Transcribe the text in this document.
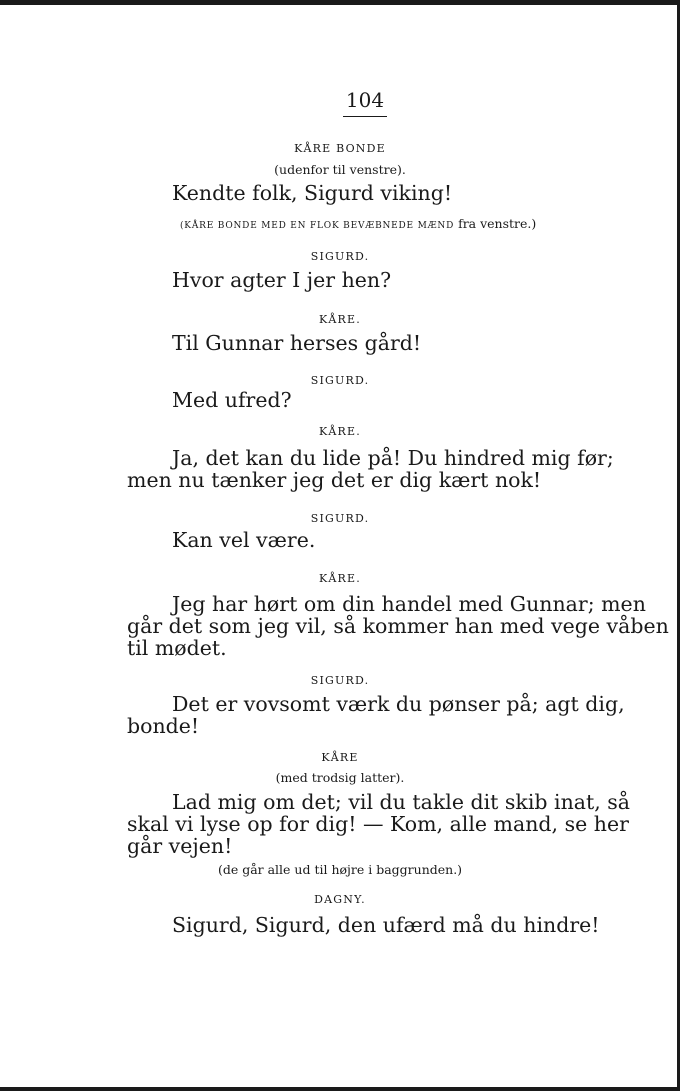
104
KÅRE BONDE
(udenfor til venstre).
Kendte folk, Sigurd viking!
(KÅRE BONDE MED EN FLOK BEVÆBNEDE MÆND fra venstre.)
SIGURD.
Hvor agter I jer hen?
KÅRE.
Til Gunnar herses gård!
SIGURD.
Med ufred?
KÅRE.
Ja, det kan du lide på! Du hindred mig før;
men nu tænker jeg det er dig kært nok!
SIGURD.
Kan vel være.
KÅRE.
Jeg har hørt om din handel med Gunnar; men
går det som jeg vil, så kommer han med vege våben
til mødet.
SIGURD.
Det er vovsomt værk du pønser på; agt dig,
bonde!
KÅRE
(med trodsig latter).
Lad mig om det; vil du takle dit skib inat, så
skal vi lyse op for dig! — Kom, alle mand, se her
går vejen!
(de går alle ud til højre i baggrunden.)
DAGNY.
Sigurd, Sigurd, den ufærd må du hindre!
